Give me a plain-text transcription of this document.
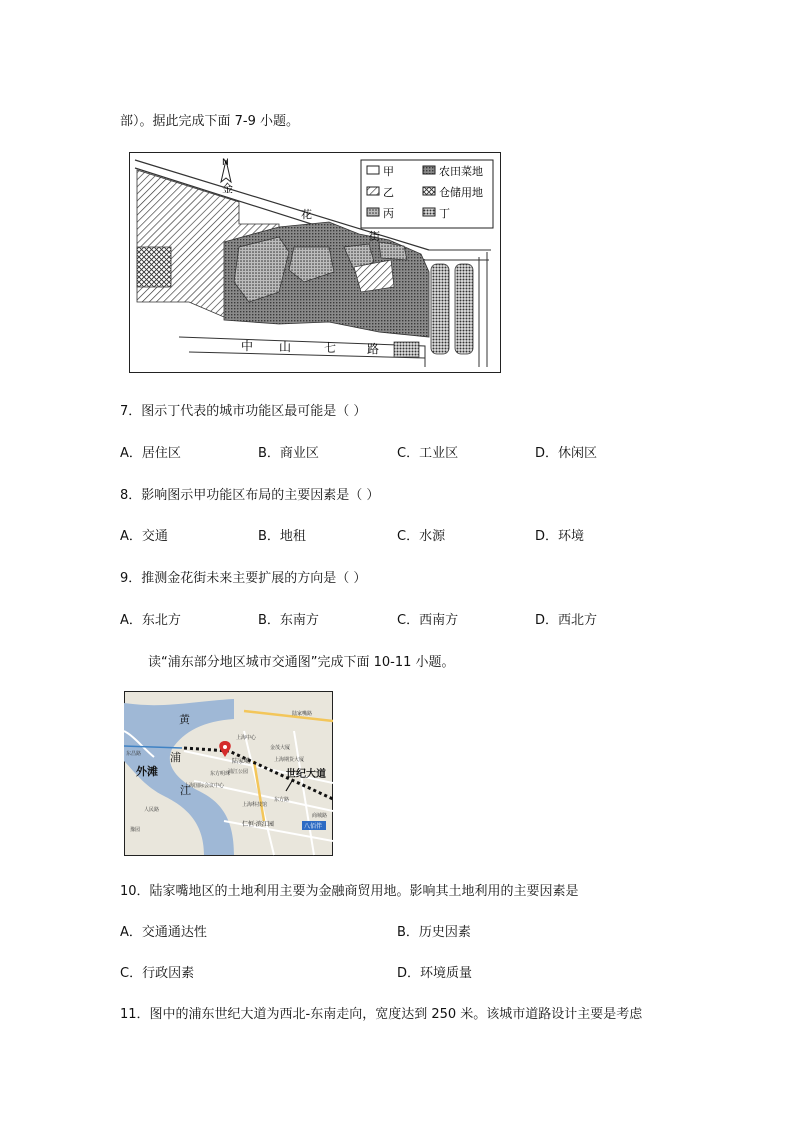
部）。据此完成下面 7-9 小题。
N
金
花
街
中 山	七	路
甲	农田菜地
乙	仓储用地
丙	丁
7．图示丁代表的城市功能区最可能是（ ）
A．居住区	B．商业区	C．工业区	D．休闲区
8．影响图示甲功能区布局的主要因素是（ ）
A．交通	B．地租	C．水源	D．环境
9．推测金花街未来主要扩展的方向是（ ）
A．东北方	B．东南方	C．西南方	D．西北方
读“浦东部分地区城市交通图”完成下面 10-11 小题。
黄
浦
江
外滩	世纪大道
陆家嘴
东昌路
上海中心
浦江公园
上海国际会议中心
东方明珠
豫园
人民路
仁恒·滨江园
上海科技馆
东方路
八佰伴
商城路
上海期货大厦
金茂大厦
陆家嘴路
10．陆家嘴地区的土地利用主要为金融商贸用地。影响其土地利用的主要因素是
A．交通通达性	B．历史因素
C．行政因素	D．环境质量
11．图中的浦东世纪大道为西北-东南走向，宽度达到 250 米。该城市道路设计主要是考虑
